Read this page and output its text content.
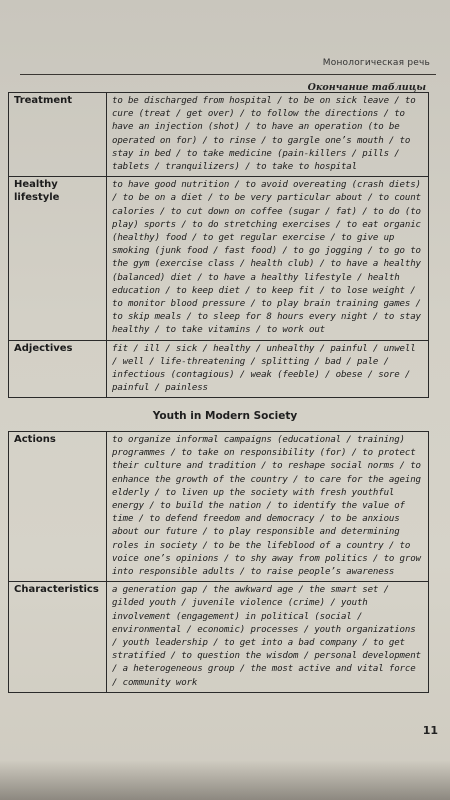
Монологическая речь
Окончание таблицы
Treatment	to be discharged from hospital / to be on sick leave / to cure (treat / get over) / to follow the directions / to have an injection (shot) / to have an operation (to be operated on for) / to rinse / to gargle one’s mouth / to stay in bed / to take medicine (pain-killers / pills / tablets / tranquilizers) / to take to hospital
Healthy lifestyle	to have good nutrition / to avoid overeating (crash diets) / to be on a diet / to be very particular about / to count calories / to cut down on coffee (sugar / fat) / to do (to play) sports / to do stretching exercises / to eat organic (healthy) food / to get regular exercise / to give up smoking (junk food / fast food) / to go jogging / to go to the gym (exercise class / health club) / to have a healthy (balanced) diet / to have a healthy lifestyle / health education / to keep diet / to keep fit / to lose weight / to monitor blood pressure / to play brain training games / to skip meals / to sleep for 8 hours every night / to stay healthy / to take vitamins / to work out
Adjectives	fit / ill / sick / healthy / unhealthy / painful / unwell / well / life-threatening / splitting / bad / pale / infectious (contagious) / weak (feeble) / obese / sore / painful / painless
Youth in Modern Society
Actions	to organize informal campaigns (educational / training) programmes / to take on responsibility (for) / to protect their culture and tradition / to reshape social norms / to enhance the growth of the country / to care for the ageing elderly / to liven up the society with fresh youthful energy / to build the nation / to identify the value of time / to defend freedom and democracy / to be anxious about our future / to play responsible and determining roles in society / to be the lifeblood of a country / to voice one’s opinions / to shy away from politics / to grow into responsible adults / to raise people’s awareness
Characteristics	a generation gap / the awkward age / the smart set / gilded youth / juvenile violence (crime) / youth involvement (engagement) in political (social / environmental / economic) processes / youth organizations / youth leadership / to get into a bad company / to get stratified / to question the wisdom / personal development / a heterogeneous group / the most active and vital force / community work
11
